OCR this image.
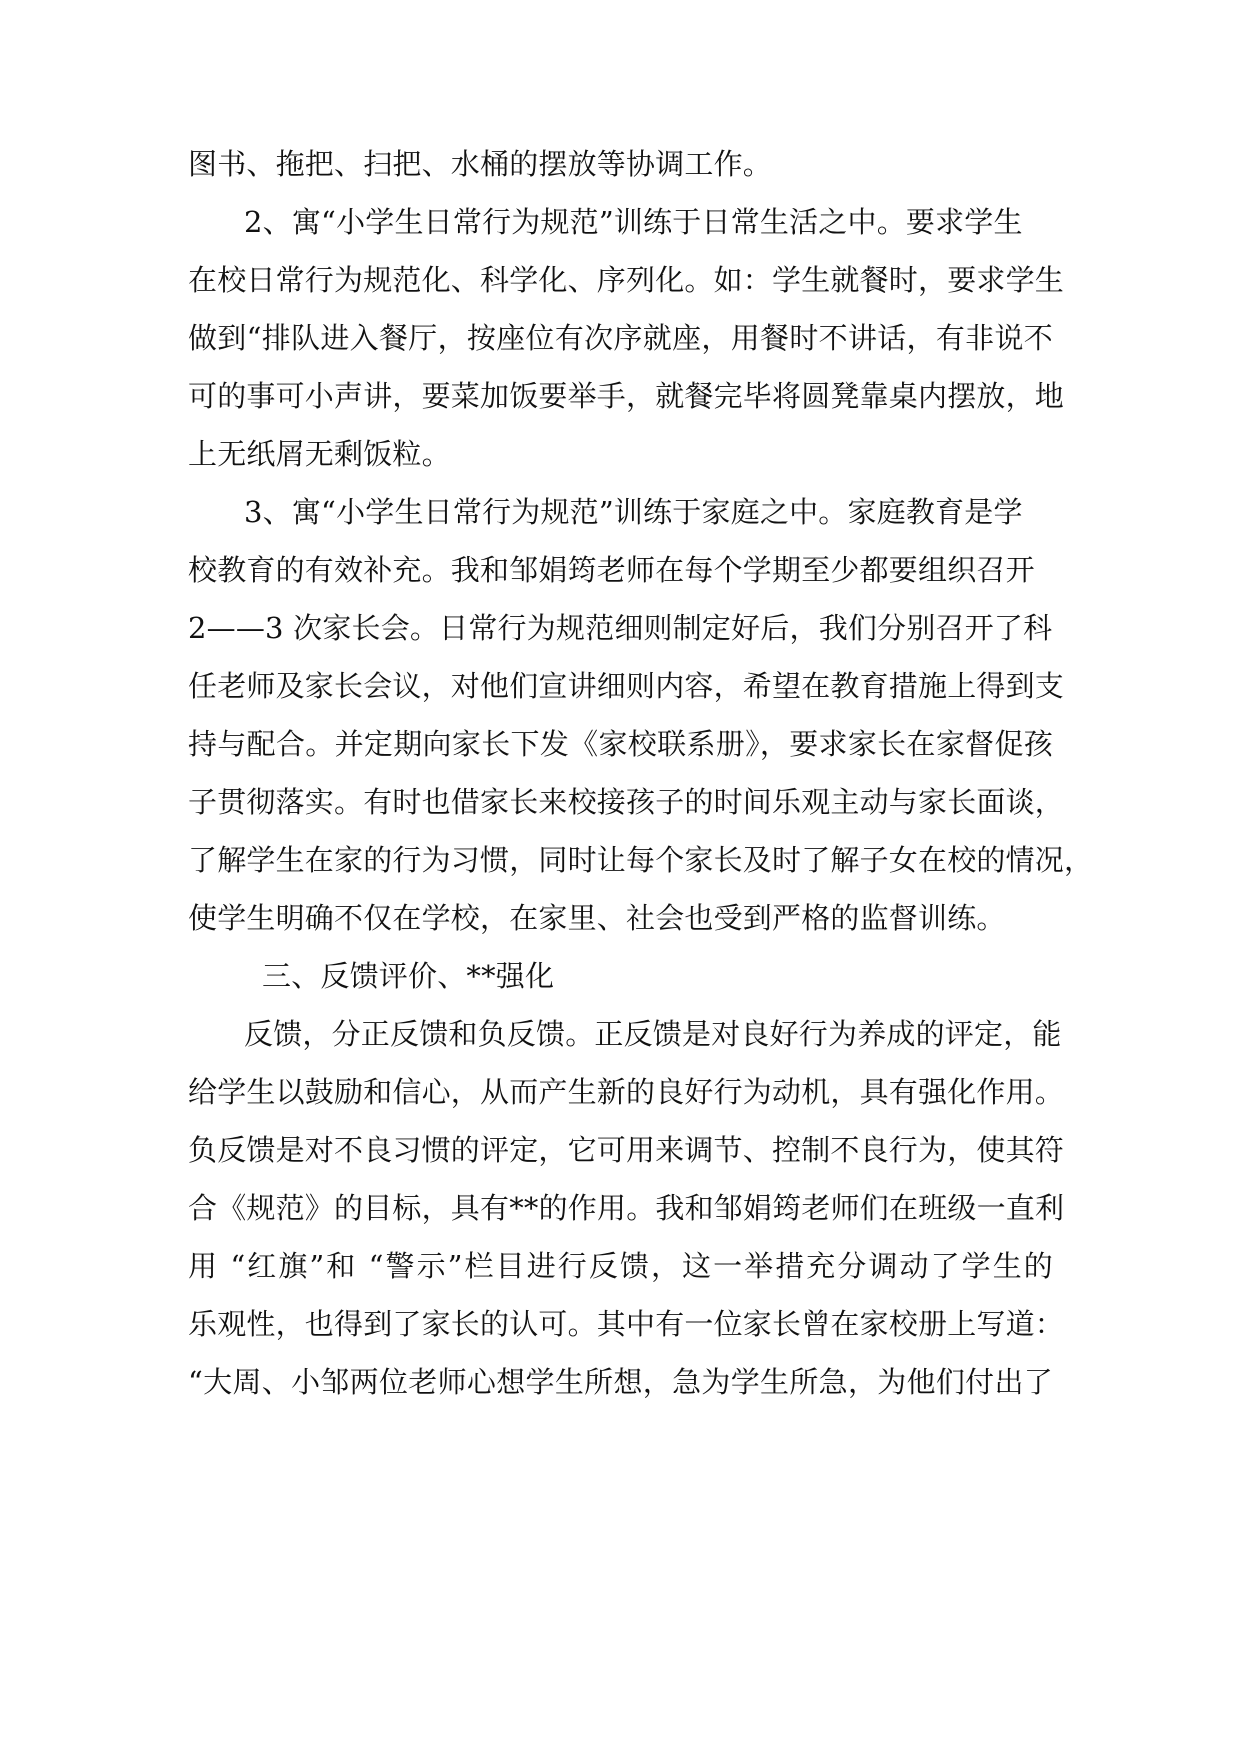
图书、拖把、扫把、水桶的摆放等协调工作。
2、寓“小学生日常行为规范”训练于日常生活之中。要求学生
在校日常行为规范化、科学化、序列化。如：学生就餐时，要求学生
做到“排队进入餐厅，按座位有次序就座，用餐时不讲话，有非说不
可的事可小声讲，要菜加饭要举手，就餐完毕将圆凳靠桌内摆放，地
上无纸屑无剩饭粒。
3、寓“小学生日常行为规范”训练于家庭之中。家庭教育是学
校教育的有效补充。我和邹娟筠老师在每个学期至少都要组织召开
2——3 次家长会。日常行为规范细则制定好后，我们分别召开了科
任老师及家长会议，对他们宣讲细则内容，希望在教育措施上得到支
持与配合。并定期向家长下发《家校联系册》，要求家长在家督促孩
子贯彻落实。有时也借家长来校接孩子的时间乐观主动与家长面谈，
了解学生在家的行为习惯，同时让每个家长及时了解子女在校的情况，
使学生明确不仅在学校，在家里、社会也受到严格的监督训练。
三、反馈评价、**强化
反馈，分正反馈和负反馈。正反馈是对良好行为养成的评定，能
给学生以鼓励和信心，从而产生新的良好行为动机，具有强化作用。
负反馈是对不良习惯的评定，它可用来调节、控制不良行为，使其符
合《规范》的目标，具有**的作用。我和邹娟筠老师们在班级一直利
用 “红旗”和 “警示”栏目进行反馈，这一举措充分调动了学生的
乐观性，也得到了家长的认可。其中有一位家长曾在家校册上写道：
“大周、小邹两位老师心想学生所想，急为学生所急，为他们付出了
